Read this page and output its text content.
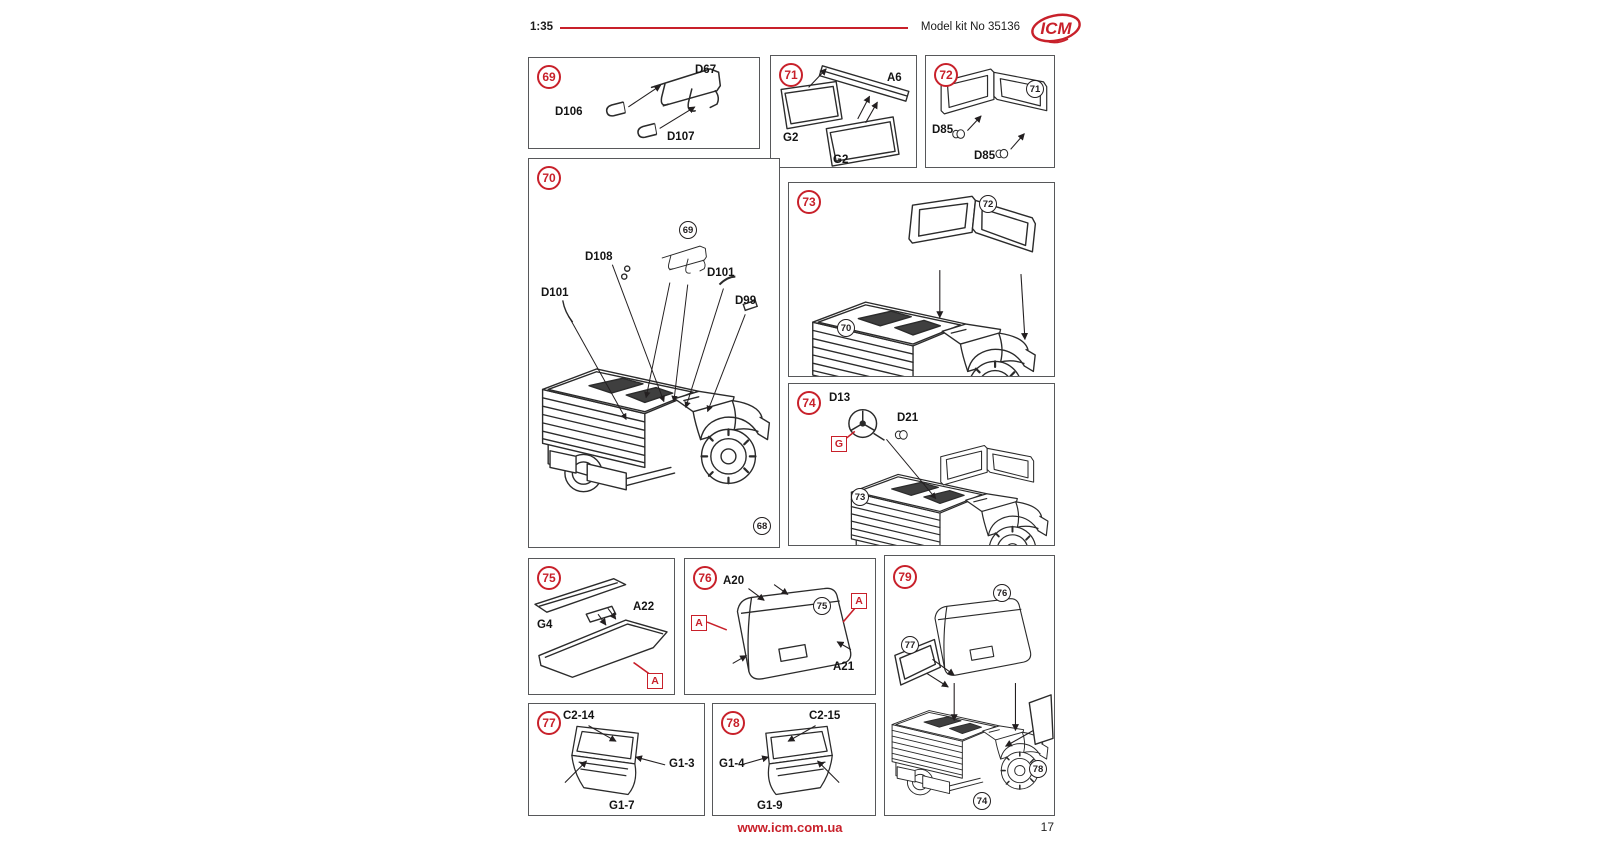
1:35	Model kit No 35136 ICM
69	D67
D106
D107
71	A6
G2
G2
72
71
D85
D85
70
69
D108
D101
D101
D99
68
73	72
70
74	D13
D21
G
73
75
G4
A22
A
76 A20
75
A
A
A21
79
76
77
74
78
77 C2-14
G1-3
G1-7
78	C2-15
G1-4
G1-9
www.icm.com.ua	17
